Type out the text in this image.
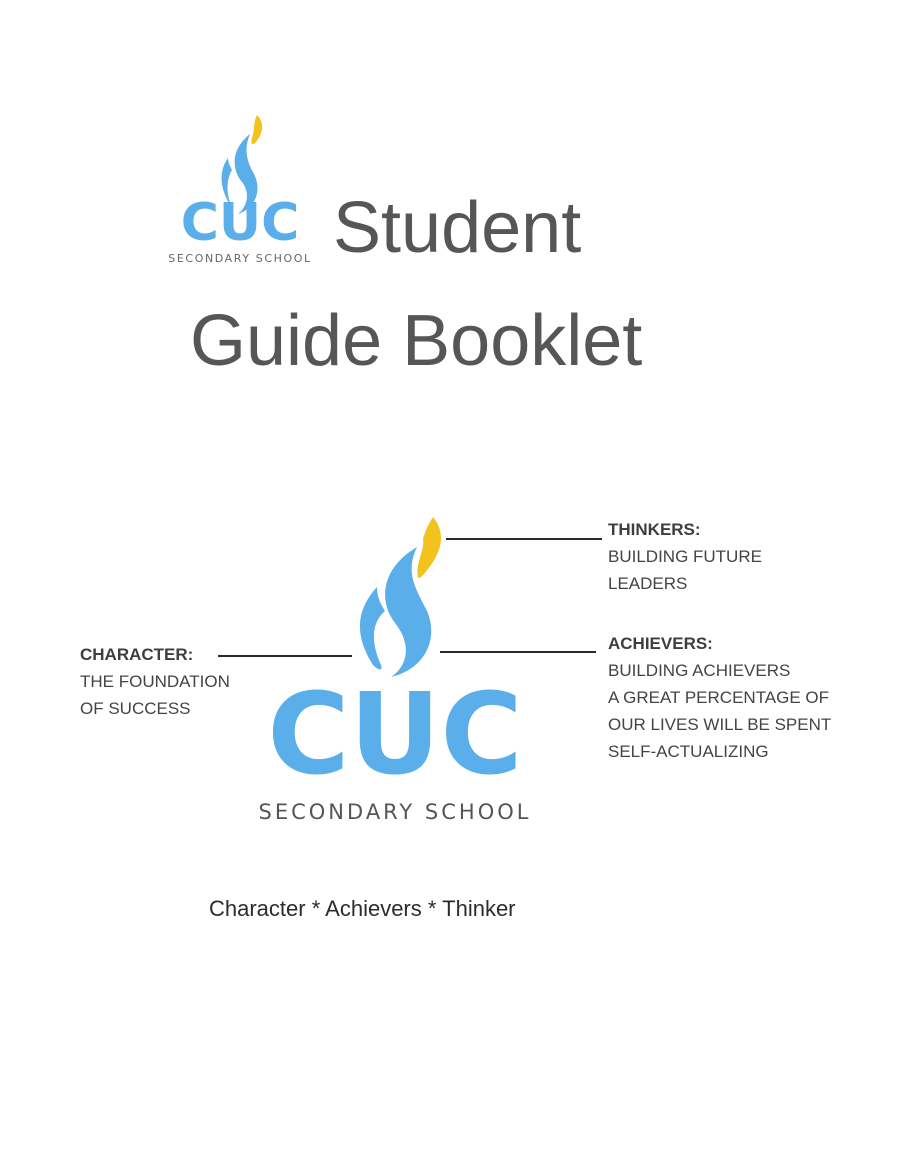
CUC
SECONDARY SCHOOL Student
Guide Booklet
CUC
SECONDARY SCHOOL
CHARACTER:
THE FOUNDATION
OF SUCCESS
THINKERS:
BUILDING FUTURE
LEADERS
ACHIEVERS:
BUILDING ACHIEVERS
A GREAT PERCENTAGE OF
OUR LIVES WILL BE SPENT
SELF-ACTUALIZING
Character * Achievers * Thinker
